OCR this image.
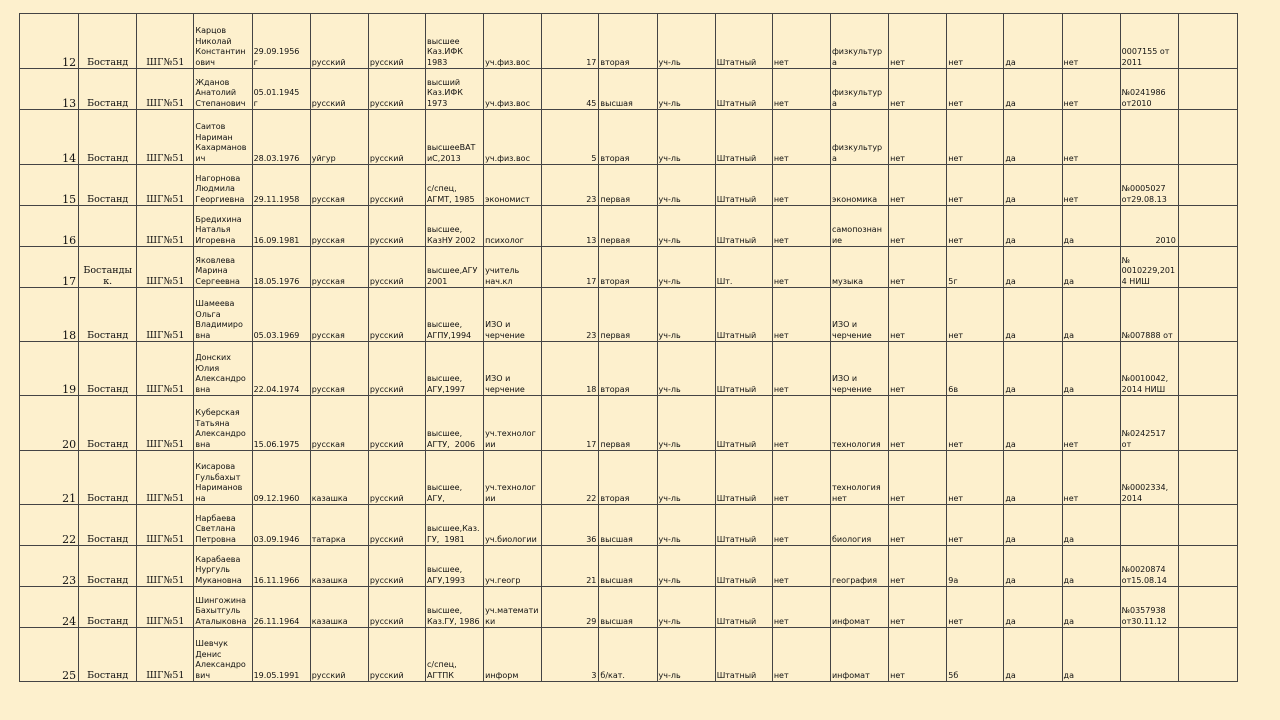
12	Бостанд	ШГ№51	Карцов
Николай
Константин
ович	29.09.1956
г	русский	русский	высшее
Каз.ИФК
1983	уч.физ.вос	17	вторая	уч-ль	Штатный	нет	физкультур
а	нет	нет	да	нет	0007155 от
2011	
13	Бостанд	ШГ№51	Жданов
Анатолий
Степанович	05.01.1945
г	русский	русский	высший
Каз.ИФК
1973	уч.физ.вос	45	высшая	уч-ль	Штатный	нет	физкультур
а	нет	нет	да	нет	№0241986
от2010	
14	Бостанд	ШГ№51	Саитов
Нариман
Кахарманов
ич	28.03.1976	уйгур	русский	высшееВАТ
иС,2013	уч.физ.вос	5	вторая	уч-ль	Штатный	нет	физкультур
а	нет	нет	да	нет		
15	Бостанд	ШГ№51	Нагорнова
Людмила
Георгиевна	29.11.1958	русская	русский	с/спец,
АГМТ, 1985	экономист	23	первая	уч-ль	Штатный	нет	экономика	нет	нет	да	нет	№0005027
от29.08.13	
16		ШГ№51	Бредихина
Наталья
Игоревна	16.09.1981	русская	русский	высшее,
КазНУ 2002	психолог	13	первая	уч-ль	Штатный	нет	самопознан
ие	нет	нет	да	да	2010	
17	Бостандык.	ШГ№51	Яковлева
Марина
Сергеевна	18.05.1976	русская	русский	высшее,АГУ
2001	учитель
нач.кл	17	вторая	уч-ль	Шт.	нет	музыка	нет	5г	да	да	№
0010229,201
4 НИШ	
18	Бостанд	ШГ№51	Шамеева
Ольга
Владимиро
вна	05.03.1969	русская	русский	высшее,
АГПУ,1994	ИЗО и
черчение	23	первая	уч-ль	Штатный	нет	ИЗО и
черчение	нет	нет	да	да	№007888 от	
19	Бостанд	ШГ№51	Донских
Юлия
Александро
вна	22.04.1974	русская	русский	высшее,
АГУ,1997	ИЗО и
черчение	18	вторая	уч-ль	Штатный	нет	ИЗО и
черчение	нет	6в	да	да	№0010042,
2014 НИШ	
20	Бостанд	ШГ№51	Куберская
Татьяна
Александро
вна	15.06.1975	русская	русский	высшее,
АГТУ,  2006	уч.технолог
ии	17	первая	уч-ль	Штатный	нет	технология	нет	нет	да	нет	№0242517
от	
21	Бостанд	ШГ№51	Кисарова
Гульбахыт
Нариманов
на	09.12.1960	казашка	русский	высшее,
АГУ,	уч.технолог
ии	22	вторая	уч-ль	Штатный	нет	технология
нет	нет	нет	да	нет	№0002334,
2014	
22	Бостанд	ШГ№51	Нарбаева
Светлана
Петровна	03.09.1946	татарка	русский	высшее,Каз.
ГУ,  1981	уч.биологии	36	высшая	уч-ль	Штатный	нет	биология	нет	нет	да	да		
23	Бостанд	ШГ№51	Карабаева
Нургуль
Мукановна	16.11.1966	казашка	русский	высшее,
АГУ,1993	уч.геогр	21	высшая	уч-ль	Штатный	нет	география	нет	9а	да	да	№0020874
от15.08.14	
24	Бостанд	ШГ№51	Шингожина
Бахытгуль
Аталыковна	26.11.1964	казашка	русский	высшее,
Каз.ГУ, 1986	уч.математи
ки	29	высшая	уч-ль	Штатный	нет	инфомат	нет	нет	да	да	№0357938
от30.11.12	
25	Бостанд	ШГ№51	Шевчук
Денис
Александро
вич	19.05.1991	русский	русский	с/спец,
АГТПК	информ	3	б/кат.	уч-ль	Штатный	нет	инфомат	нет	5б	да	да		
